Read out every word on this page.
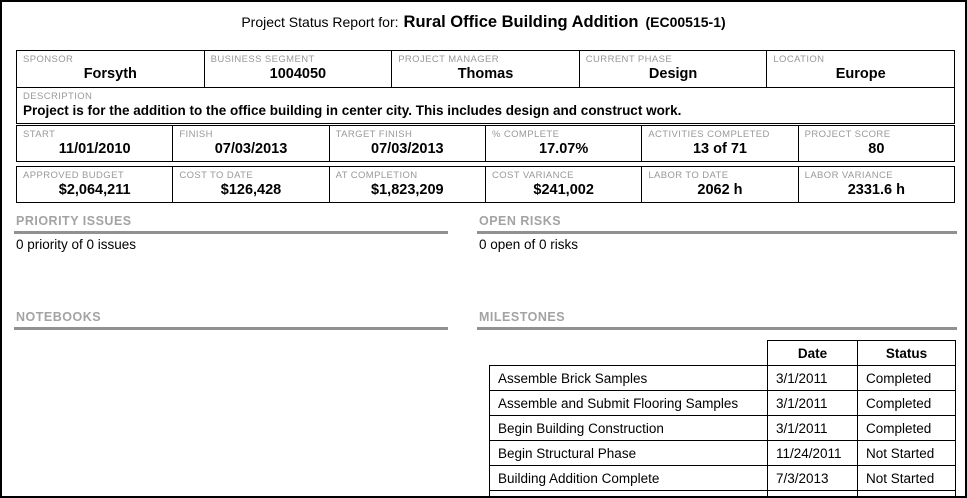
Project Status Report for: Rural Office Building Addition (EC00515-1)
SPONSOR
Forsyth

BUSINESS SEGMENT
1004050

PROJECT MANAGER
Thomas

CURRENT PHASE
Design

LOCATION
Europe
DESCRIPTION
Project is for the addition to the office building in center city. This includes design and construct work.
START
11/01/2010

FINISH
07/03/2013

TARGET FINISH
07/03/2013

% COMPLETE
17.07%

ACTIVITIES COMPLETED
13 of 71

PROJECT SCORE
80
APPROVED BUDGET
$2,064,211

COST TO DATE
$126,428

AT COMPLETION
$1,823,209

COST VARIANCE
$241,002

LABOR TO DATE
2062 h

LABOR VARIANCE
2331.6 h
PRIORITY ISSUES
0 priority of 0 issues
OPEN RISKS
0 open of 0 risks
NOTEBOOKS	MILESTONES
	Date	Status
Assemble Brick Samples	3/1/2011	Completed
Assemble and Submit Flooring Samples	3/1/2011	Completed
Begin Building Construction	3/1/2011	Completed
Begin Structural Phase	11/24/2011	Not Started
Building Addition Complete	7/3/2013	Not Started
